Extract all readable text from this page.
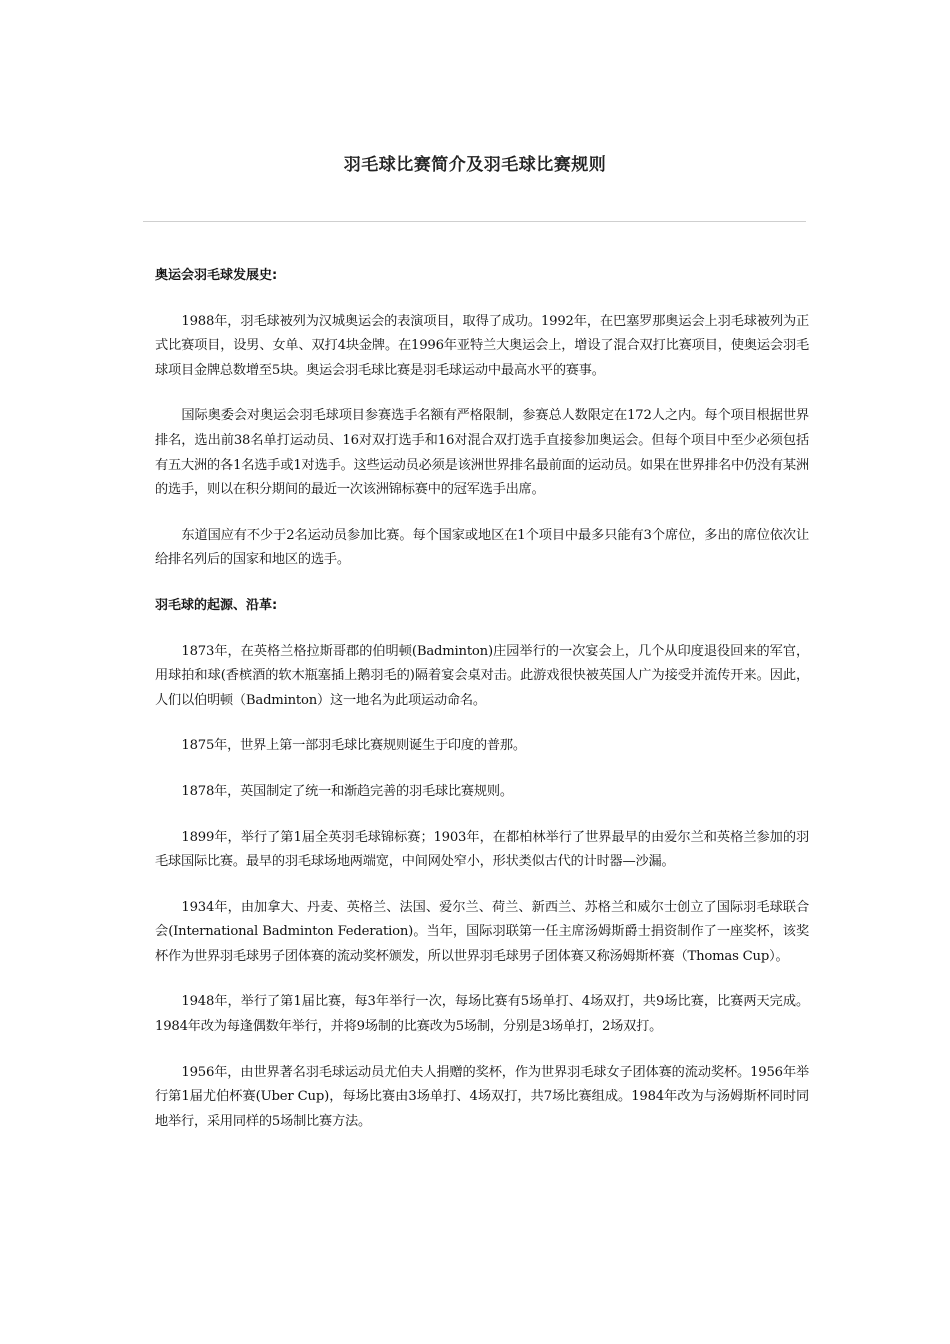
羽毛球比赛简介及羽毛球比赛规则

奥运会羽毛球发展史:

1988年，羽毛球被列为汉城奥运会的表演项目，取得了成功。1992年，在巴塞罗那奥运会上羽毛球被列为正式比赛项目，设男、女单、双打4块金牌。在1996年亚特兰大奥运会上，增设了混合双打比赛项目，使奥运会羽毛球项目金牌总数增至5块。奥运会羽毛球比赛是羽毛球运动中最高水平的赛事。

国际奥委会对奥运会羽毛球项目参赛选手名额有严格限制，参赛总人数限定在172人之内。每个项目根据世界排名，选出前38名单打运动员、16对双打选手和16对混合双打选手直接参加奥运会。但每个项目中至少必须包括有五大洲的各1名选手或1对选手。这些运动员必须是该洲世界排名最前面的运动员。如果在世界排名中仍没有某洲的选手，则以在积分期间的最近一次该洲锦标赛中的冠军选手出席。

东道国应有不少于2名运动员参加比赛。每个国家或地区在1个项目中最多只能有3个席位，多出的席位依次让给排名列后的国家和地区的选手。

羽毛球的起源、沿革:

1873年，在英格兰格拉斯哥郡的伯明顿(Badminton)庄园举行的一次宴会上，几个从印度退役回来的军官，用球拍和球(香槟酒的软木瓶塞插上鹅羽毛的)隔着宴会桌对击。此游戏很快被英国人广为接受并流传开来。因此，人们以伯明顿（Badminton）这一地名为此项运动命名。

1875年，世界上第一部羽毛球比赛规则诞生于印度的普那。

1878年，英国制定了统一和渐趋完善的羽毛球比赛规则。

1899年，举行了第1届全英羽毛球锦标赛；1903年，在都柏林举行了世界最早的由爱尔兰和英格兰参加的羽毛球国际比赛。最早的羽毛球场地两端宽，中间网处窄小，形状类似古代的计时器—沙漏。

1934年，由加拿大、丹麦、英格兰、法国、爱尔兰、荷兰、新西兰、苏格兰和威尔士创立了国际羽毛球联合会(International Badminton Federation)。当年，国际羽联第一任主席汤姆斯爵士捐资制作了一座奖杯，该奖杯作为世界羽毛球男子团体赛的流动奖杯颁发，所以世界羽毛球男子团体赛又称汤姆斯杯赛（Thomas Cup）。

1948年，举行了第1届比赛，每3年举行一次，每场比赛有5场单打、4场双打，共9场比赛，比赛两天完成。1984年改为每逢偶数年举行，并将9场制的比赛改为5场制，分别是3场单打，2场双打。

1956年，由世界著名羽毛球运动员尤伯夫人捐赠的奖杯，作为世界羽毛球女子团体赛的流动奖杯。1956年举行第1届尤伯杯赛(Uber Cup)，每场比赛由3场单打、4场双打，共7场比赛组成。1984年改为与汤姆斯杯同时同地举行，采用同样的5场制比赛方法。
